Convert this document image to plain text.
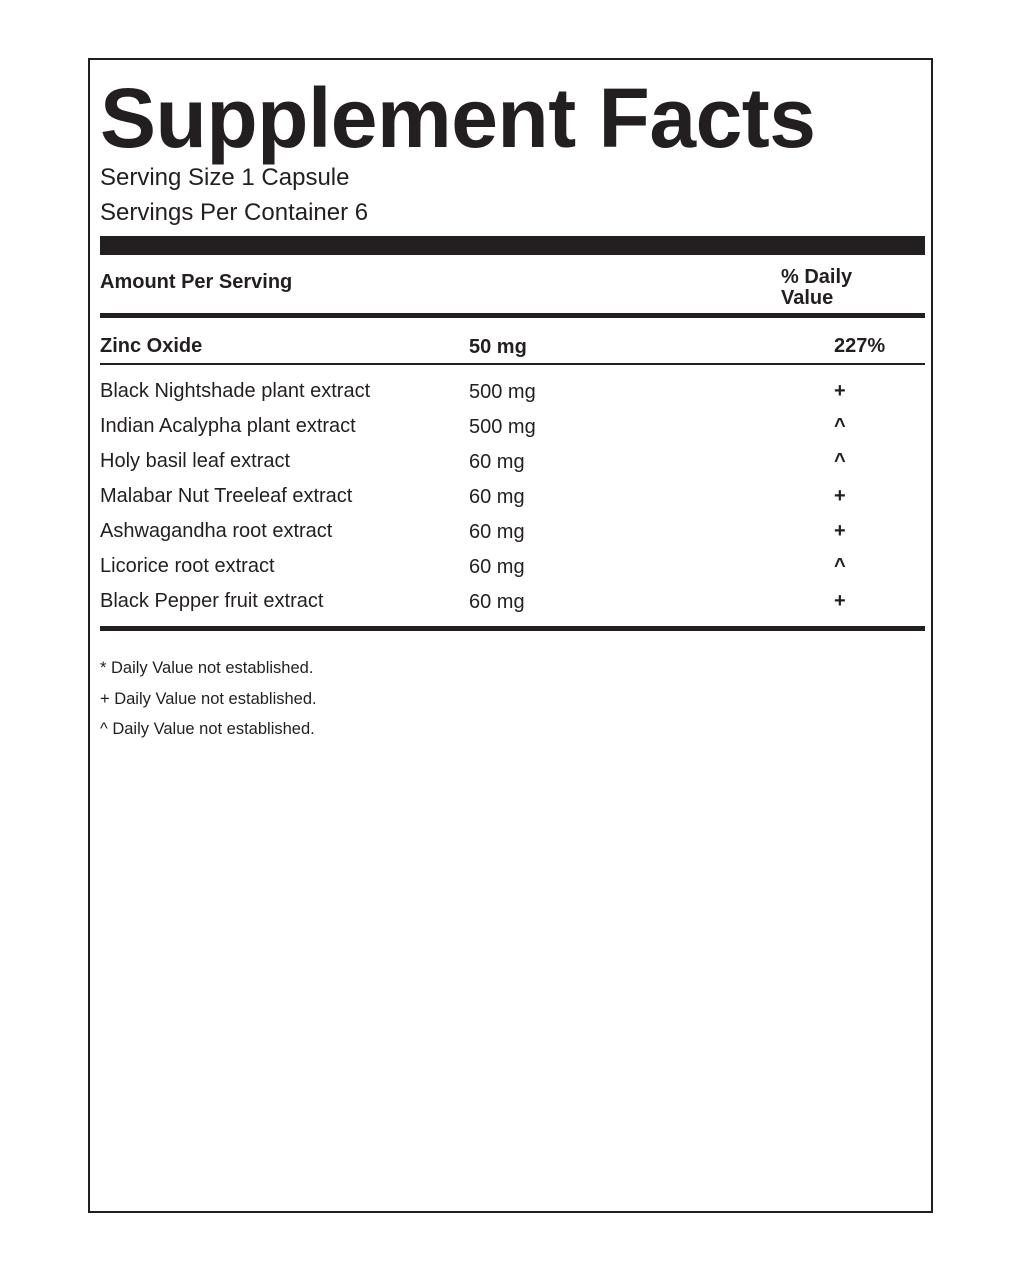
Supplement Facts
Serving Size 1 Capsule
Servings Per Container 6
Amount Per Serving	% Daily Value
Zinc Oxide	50 mg	227%
Black Nightshade plant extract	500 mg	+
Indian Acalypha plant extract	500 mg	^
Holy basil leaf extract	60 mg	^
Malabar Nut Treeleaf extract	60 mg	+
Ashwagandha root extract	60 mg	+
Licorice root extract	60 mg	^
Black Pepper fruit extract	60 mg	+
* Daily Value not established.
+ Daily Value not established.
^ Daily Value not established.
